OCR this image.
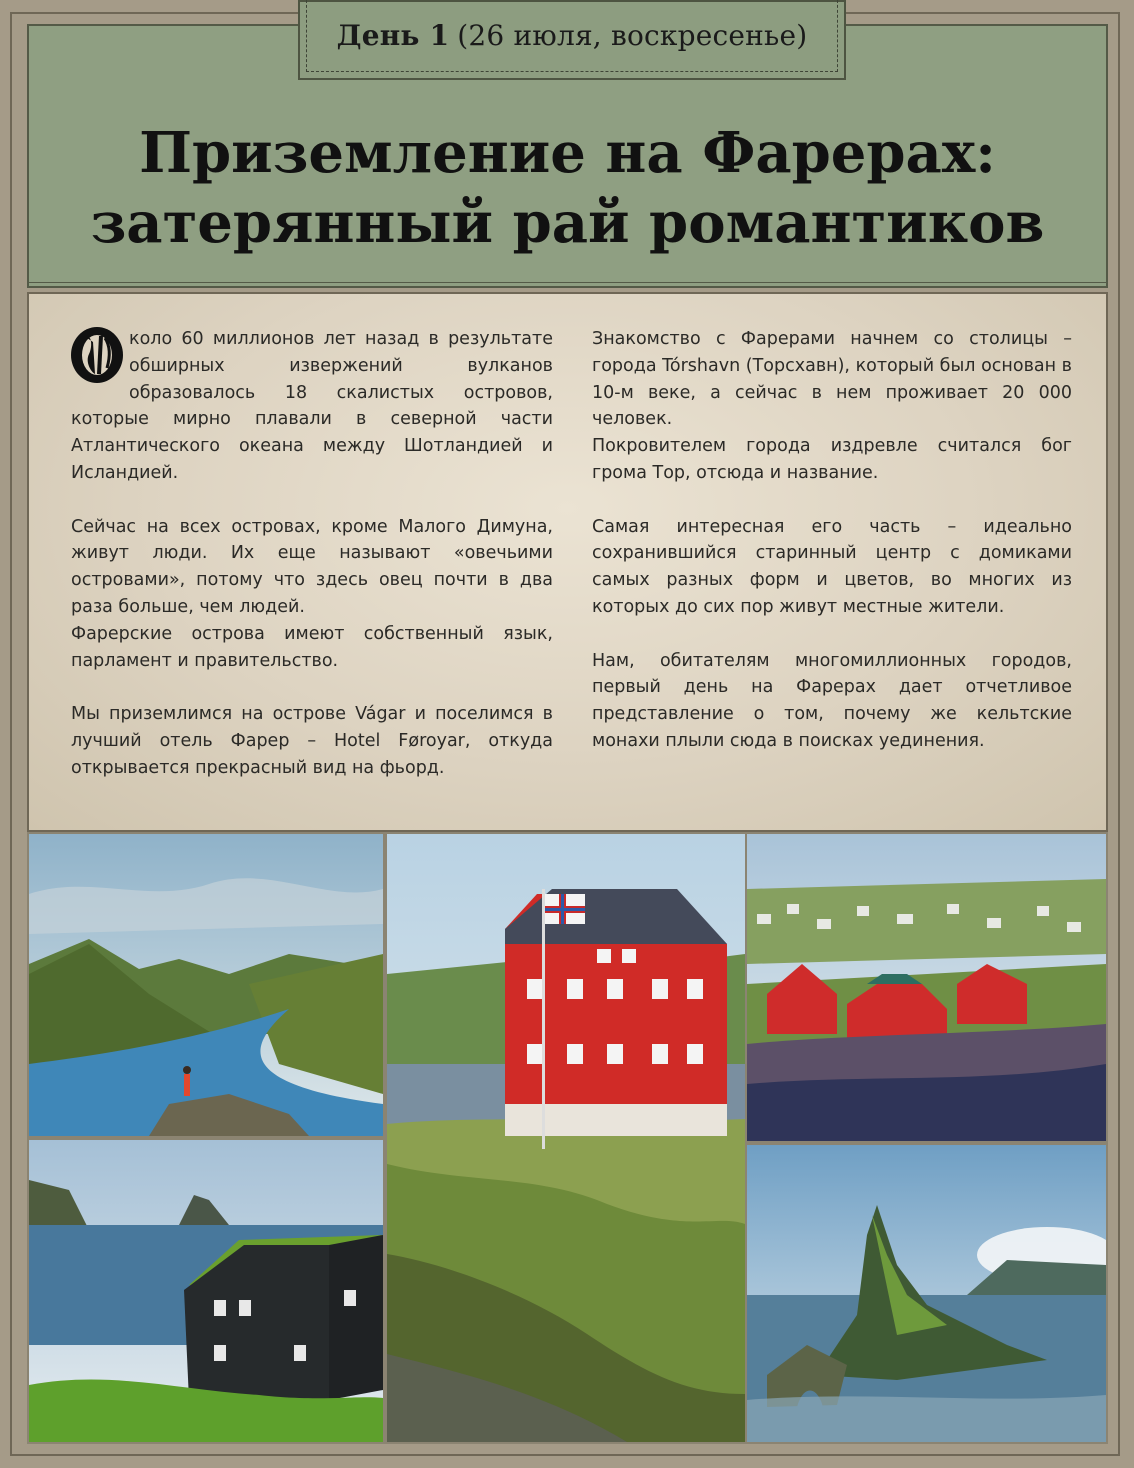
Приземление на Фарерах:
затерянный рай романтиков
День 1 (26 июля, воскресенье)

коло 60 миллионов лет назад в результате обширных извержений вулканов образовалось 18 скалистых островов, которые мирно плавали в северной части Атлантического океана между Шотландией и Исландией.

Сейчас на всех островах, кроме Малого Димуна, живут люди. Их еще называют «овечьими островами», потому что здесь овец почти в два раза больше, чем людей.

Фарерские острова имеют собственный язык, парламент и правительство.

Мы приземлимся на острове Vágar и поселимся в лучший отель Фарер – Hotel Føroyar, откуда открывается прекрасный вид на фьорд.

Знакомство с Фарерами начнем со столицы – города Tórshavn (Торсхавн), который был основан в 10-м веке, а сейчас в нем проживает 20 000 человек.

Покровителем города издревле считался бог грома Тор, отсюда и название.

Самая интересная его часть – идеально сохранившийся старинный центр с домиками самых разных форм и цветов, во многих из которых до сих пор живут местные жители.

Нам, обитателям многомиллионных городов, первый день на Фарерах дает отчетливое представление о том, почему же кельтские монахи плыли сюда в поисках уединения.
